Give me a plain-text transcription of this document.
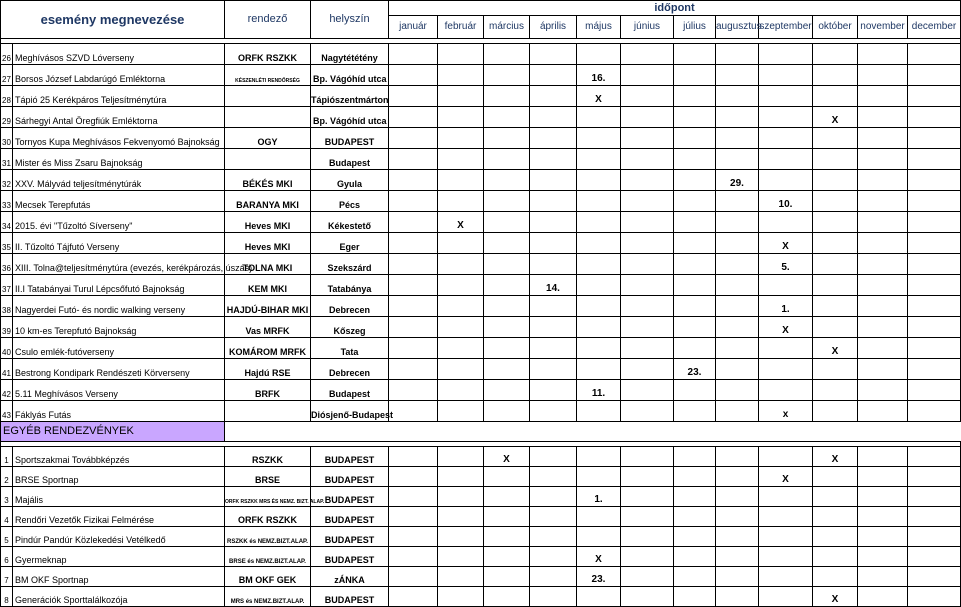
esemény megnevezése		rendező	helyszín	időpont											
				január	február	március	április	május	június	július	augusztus	szeptember	október	november	december

26	Meghívásos SZVD Lóverseny	ORFK RSZKK	Nagytététény												
27	Borsos József Labdarúgó Emléktorna	KÉSZENLÉTI RENDŐRSÉG	Bp. Vágóhíd utca					16.							
28	Tápió 25 Kerékpáros Teljesítménytúra		Tápiószentmárton					X							
29	Sárhegyi Antal Öregfiúk Emléktorna		Bp. Vágóhíd utca										X		
30	Tornyos Kupa Meghívásos Fekvenyomó Bajnokság	OGY	BUDAPEST												
31	Mister és Miss Zsaru Bajnokság		Budapest												
32	XXV. Mályvád teljesítménytúrák	BÉKÉS MKI	Gyula								29.				
33	Mecsek Terepfutás	BARANYA MKI	Pécs									10.			
34	2015. évi "Tűzoltó Síverseny"	Heves MKI	Kékestető		X										
35	II. Tűzoltó Tájfutó Verseny	Heves MKI	Eger									X			
36	XIII. Tolna@teljesítménytúra (evezés, kerékpározás, úszás)	TOLNA MKI	Szekszárd									5.			
37	II.I Tatabányai Turul Lépcsőfutó Bajnokság	KEM MKI	Tatabánya				14.								
38	Nagyerdei Futó- és nordic walking verseny	HAJDÚ-BIHAR MKI	Debrecen									1.			
39	10 km-es Terepfutó Bajnokság	Vas MRFK	Kőszeg									X			
40	Csulo emlék-futóverseny	KOMÁROM MRFK	Tata										X		
41	Bestrong Kondipark Rendészeti Körverseny	Hajdú RSE	Debrecen							23.					
42	5.11 Meghívásos Verseny	BRFK	Budapest					11.							
43	Fáklyás Futás		Diósjenő-Budapest									x			
EGYÉB RENDEZVÉNYEK															

1	Sportszakmai Továbbképzés	RSZKK	BUDAPEST			X							X		
2	BRSE Sportnap	BRSE	BUDAPEST									X			
3	Majális	ORFK RSZKK MRS ÉS NEMZ. BIZT. ALAP.	BUDAPEST					1.							
4	Rendőri Vezetők Fizikai Felmérése	ORFK RSZKK	BUDAPEST												
5	Pindúr Pandúr Közlekedési Vetélkedő	RSZKK és NEMZ.BIZT.ALAP.	BUDAPEST												
6	Gyermeknap	BRSE és NEMZ.BIZT.ALAP.	BUDAPEST					X							
7	BM OKF Sportnap	BM OKF GEK	zÁNKA					23.							
8	Generációk Sporttalálkozója	MRS és NEMZ.BIZT.ALAP.	BUDAPEST										X		
